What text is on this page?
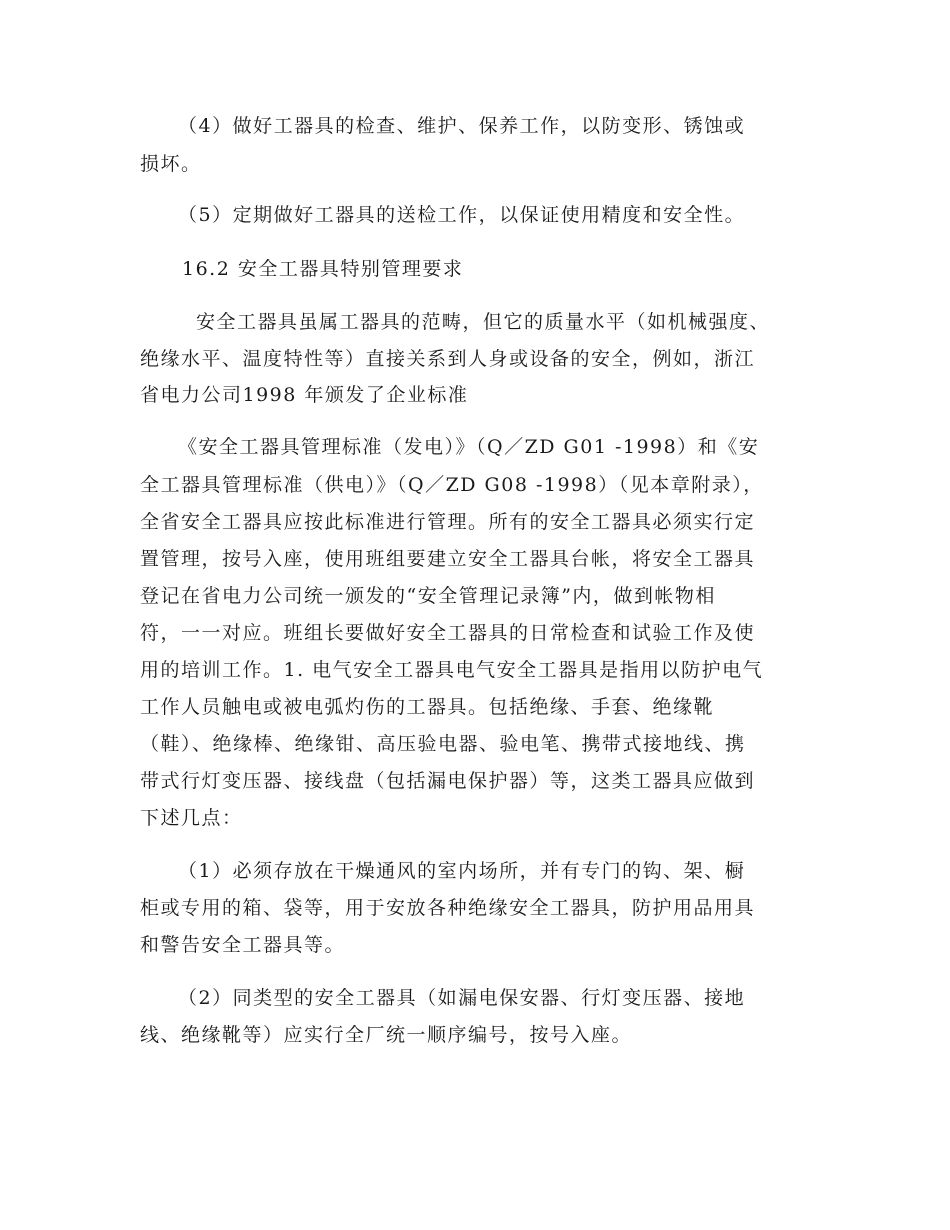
（4）做好工器具的检查、维护、保养工作，以防变形、锈蚀或
损坏。
（5）定期做好工器具的送检工作，以保证使用精度和安全性。
16.2 安全工器具特别管理要求
安全工器具虽属工器具的范畴，但它的质量水平（如机械强度、
绝缘水平、温度特性等）直接关系到人身或设备的安全，例如，浙江
省电力公司1998 年颁发了企业标准
《安全工器具管理标准（发电）》（Q／ZD G01 -1998）和《安
全工器具管理标准（供电）》（Q／ZD G08 -1998）（见本章附录），
全省安全工器具应按此标准进行管理。所有的安全工器具必须实行定
置管理，按号入座，使用班组要建立安全工器具台帐，将安全工器具
登记在省电力公司统一颁发的“安全管理记录簿”内，做到帐物相
符，一一对应。班组长要做好安全工器具的日常检查和试验工作及使
用的培训工作。1. 电气安全工器具电气安全工器具是指用以防护电气
工作人员触电或被电弧灼伤的工器具。包括绝缘、手套、绝缘靴
（鞋）、绝缘棒、绝缘钳、高压验电器、验电笔、携带式接地线、携
带式行灯变压器、接线盘（包括漏电保护器）等，这类工器具应做到
下述几点：
（1）必须存放在干燥通风的室内场所，并有专门的钩、架、橱
柜或专用的箱、袋等，用于安放各种绝缘安全工器具，防护用品用具
和警告安全工器具等。
（2）同类型的安全工器具（如漏电保安器、行灯变压器、接地
线、绝缘靴等）应实行全厂统一顺序编号，按号入座。
